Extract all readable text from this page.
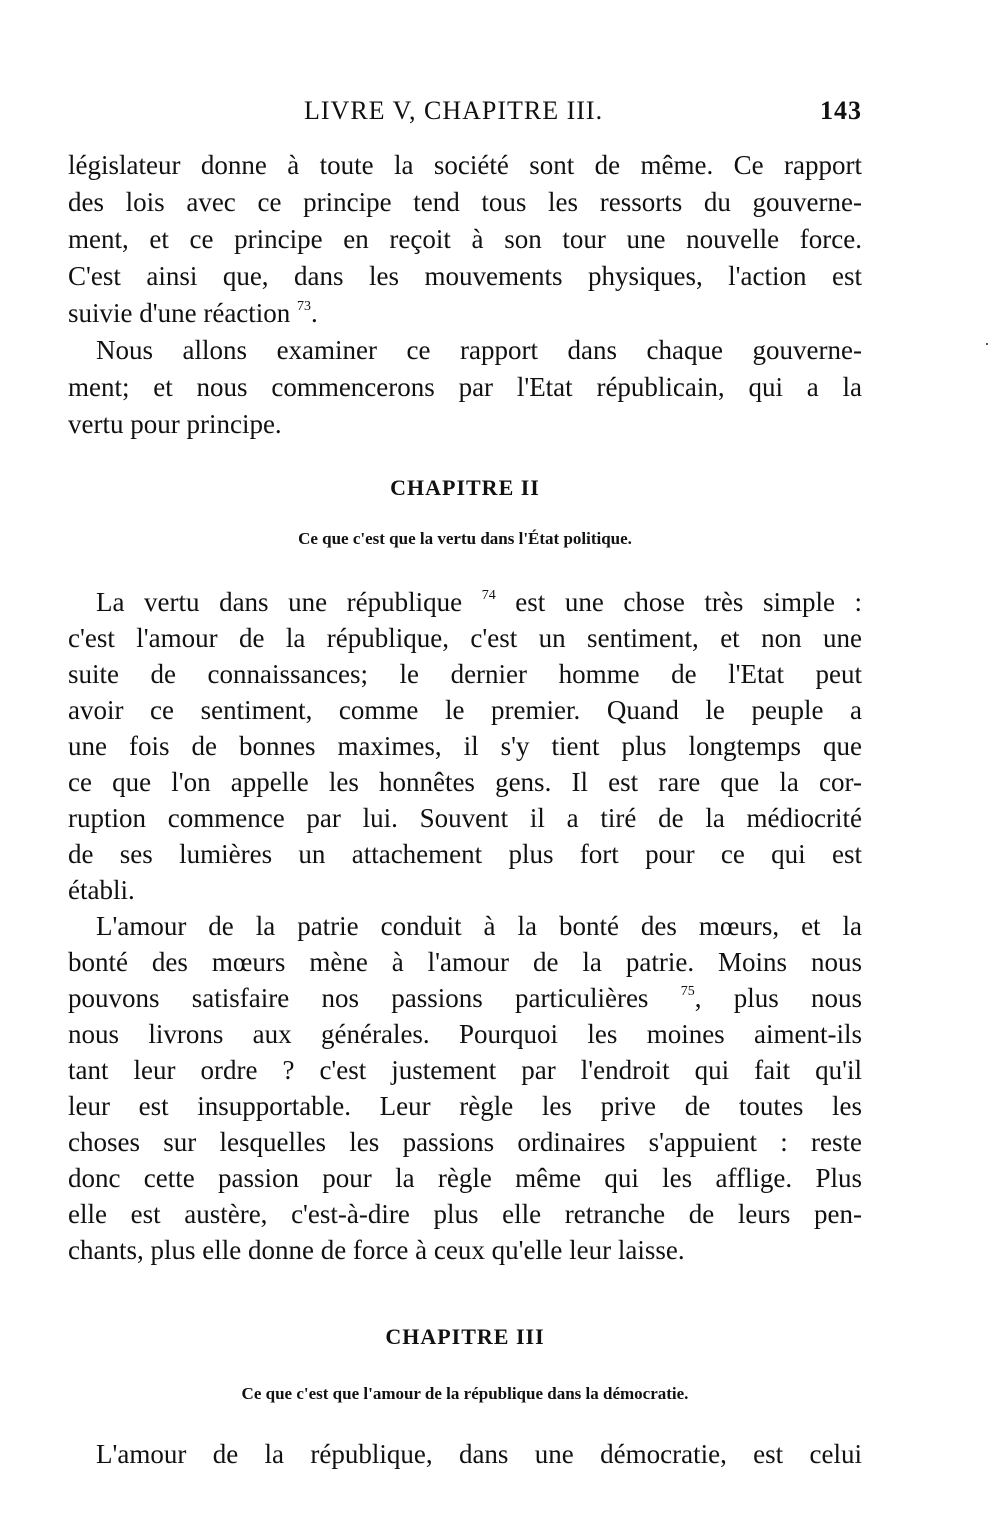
LIVRE V, CHAPITRE III.	143
législateur donne à toute la société sont de même. Ce rapport
des lois avec ce principe tend tous les ressorts du gouverne-
ment, et ce principe en reçoit à son tour une nouvelle force.
C'est ainsi que, dans les mouvements physiques, l'action est
suivie d'une réaction $^{73}$.
Nous allons examiner ce rapport dans chaque gouverne-
ment; et nous commencerons par l'Etat républicain, qui a la
vertu pour principe.
CHAPITRE II
Ce que c'est que la vertu dans l'État politique.
La vertu dans une république $^{74}$ est une chose très simple :
c'est l'amour de la république, c'est un sentiment, et non une
suite de connaissances; le dernier homme de l'Etat peut
avoir ce sentiment, comme le premier. Quand le peuple a
une fois de bonnes maximes, il s'y tient plus longtemps que
ce que l'on appelle les honnêtes gens. Il est rare que la cor-
ruption commence par lui. Souvent il a tiré de la médiocrité
de ses lumières un attachement plus fort pour ce qui est
établi.
L'amour de la patrie conduit à la bonté des mœurs, et la
bonté des mœurs mène à l'amour de la patrie. Moins nous
pouvons satisfaire nos passions particulières $^{75}$, plus nous
nous livrons aux générales. Pourquoi les moines aiment-ils
tant leur ordre ? c'est justement par l'endroit qui fait qu'il
leur est insupportable. Leur règle les prive de toutes les
choses sur lesquelles les passions ordinaires s'appuient : reste
donc cette passion pour la règle même qui les afflige. Plus
elle est austère, c'est-à-dire plus elle retranche de leurs pen-
chants, plus elle donne de force à ceux qu'elle leur laisse.
CHAPITRE III
Ce que c'est que l'amour de la république dans la démocratie.
L'amour de la république, dans une démocratie, est celui
